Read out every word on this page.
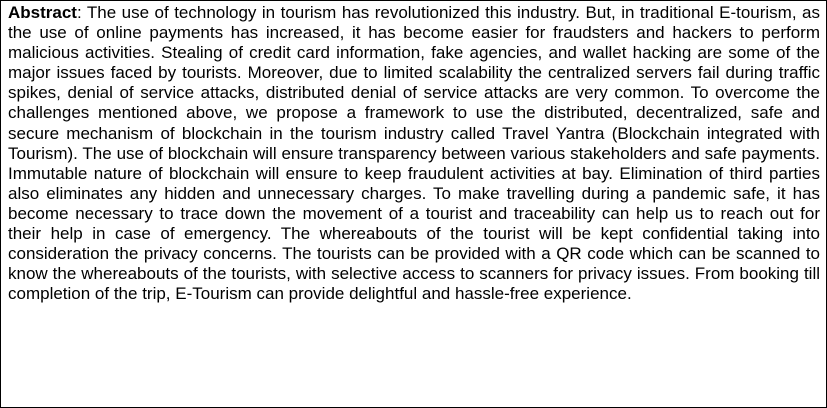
Abstract: The use of technology in tourism has revolutionized this industry. But, in traditional E-tourism, as the use of online payments has increased, it has become easier for fraudsters and hackers to perform malicious activities. Stealing of credit card information, fake agencies, and wallet hacking are some of the major issues faced by tourists. Moreover, due to limited scalability the centralized servers fail during traffic spikes, denial of service attacks, distributed denial of service attacks are very common. To overcome the challenges mentioned above, we propose a framework to use the distributed, decentralized, safe and secure mechanism of blockchain in the tourism industry called Travel Yantra (Blockchain integrated with Tourism). The use of blockchain will ensure transparency between various stakeholders and safe payments. Immutable nature of blockchain will ensure to keep fraudulent activities at bay. Elimination of third parties also eliminates any hidden and unnecessary charges. To make travelling during a pandemic safe, it has become necessary to trace down the movement of a tourist and traceability can help us to reach out for their help in case of emergency. The whereabouts of the tourist will be kept confidential taking into consideration the privacy concerns. The tourists can be provided with a QR code which can be scanned to know the whereabouts of the tourists, with selective access to scanners for privacy issues. From booking till completion of the trip, E-Tourism can provide delightful and hassle-free experience.
